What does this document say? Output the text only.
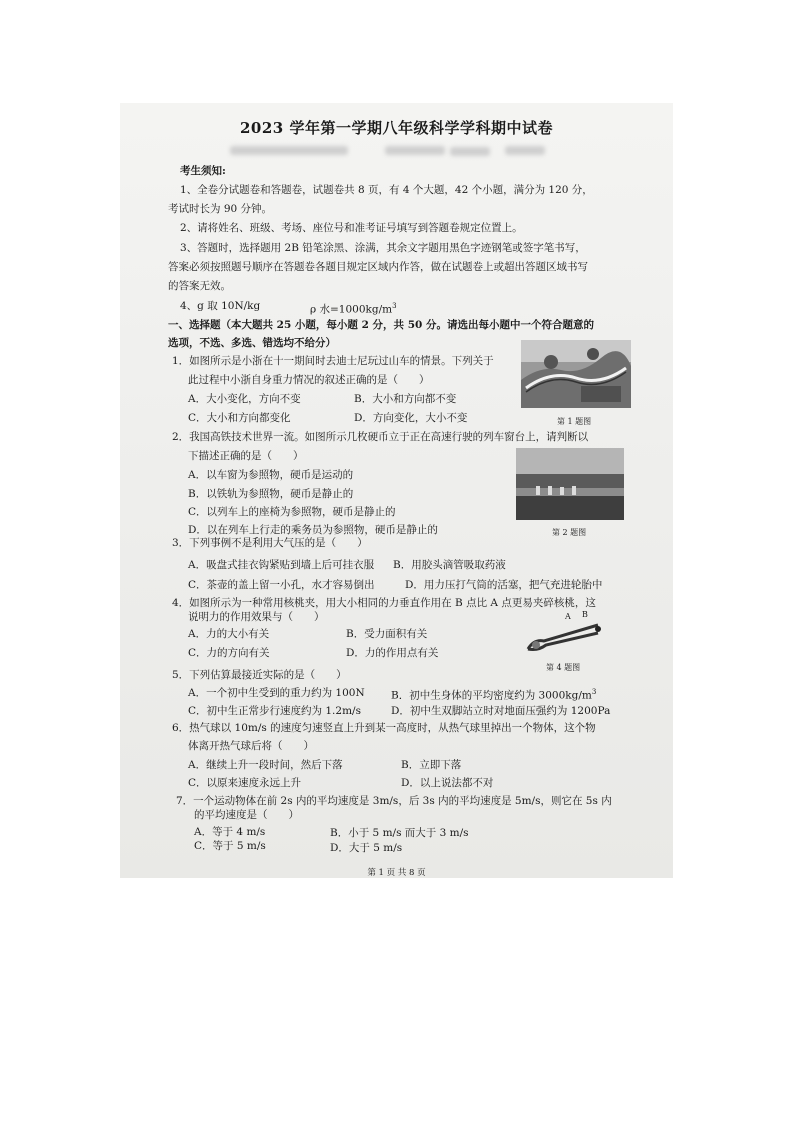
2023 学年第一学期八年级科学学科期中试卷
考生须知:
1、全卷分试题卷和答题卷，试题卷共 8 页，有 4 个大题，42 个小题，满分为 120 分，
考试时长为 90 分钟。
2、请将姓名、班级、考场、座位号和准考证号填写到答题卷规定位置上。
3、答题时，选择题用 2B 铅笔涂黑、涂满，其余文字题用黑色字迹钢笔或签字笔书写，
答案必须按照题号顺序在答题卷各题目规定区域内作答，做在试题卷上或超出答题区域书写
的答案无效。
4、g 取 10N/kg	ρ 水$=1000kg/m^3$
一、选择题（本大题共 25 小题，每小题 2 分，共 50 分。请选出每小题中一个符合题意的
选项，不选、多选、错选均不给分）
1．如图所示是小浙在十一期间时去迪士尼玩过山车的情景。下列关于
此过程中小浙自身重力情况的叙述正确的是（　　）
A．大小变化，方向不变	B．大小和方向都不变
C．大小和方向都变化	D．方向变化，大小不变	第 1 题图
2．我国高铁技术世界一流。如图所示几枚硬币立于正在高速行驶的列车窗台上，请判断以
下描述正确的是（　　）
A．以车窗为参照物，硬币是运动的
B．以铁轨为参照物，硬币是静止的
C．以列车上的座椅为参照物，硬币是静止的
D．以在列车上行走的乘务员为参照物，硬币是静止的	第 2 题图
3．下列事例不是利用大气压的是（　　）
A．吸盘式挂衣钩紧贴到墙上后可挂衣服 B．用胶头滴管吸取药液
C．茶壶的盖上留一小孔，水才容易倒出	D．用力压打气筒的活塞，把气充进轮胎中
4．如图所示为一种常用核桃夹，用大小相同的力垂直作用在 B 点比 A 点更易夹碎核桃，这
说明力的作用效果与（　　）
A．力的大小有关	B．受力面积有关
C．力的方向有关	D．力的作用点有关
A B
第 4 题图
5．下列估算最接近实际的是（　　）
A．一个初中生受到的重力约为 100N	B．初中生身体的平均密度约为 $3000kg/m^3$
C．初中生正常步行速度约为 1.2m/s	D．初中生双脚站立时对地面压强约为 1200Pa
6．热气球以 10m/s 的速度匀速竖直上升到某一高度时，从热气球里掉出一个物体，这个物
体离开热气球后将（　　）
A．继续上升一段时间，然后下落	B．立即下落
C．以原来速度永远上升	D．以上说法都不对
7．一个运动物体在前 2s 内的平均速度是 3m/s，后 3s 内的平均速度是 5m/s，则它在 5s 内
的平均速度是（　　）
A．等于 4 m/s	B．小于 5 m/s 而大于 3 m/s
C．等于 5 m/s	D．大于 5 m/s
第 1 页 共 8 页
